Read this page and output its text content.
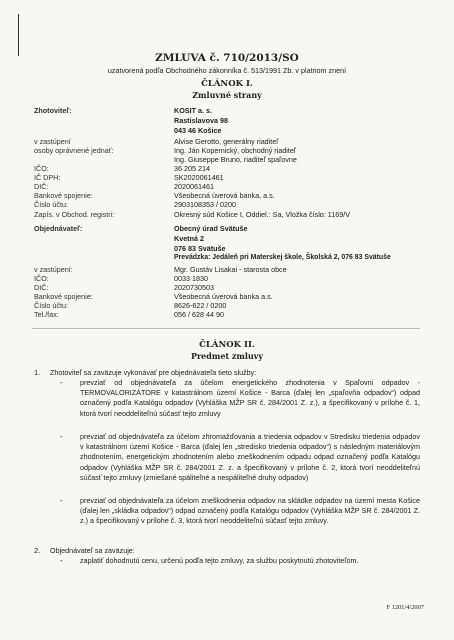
ZMLUVA č. 710/2013/SO
uzatvorená podľa Obchodného zákonníka č. 513/1991 Zb. v platnom znení
ČLÁNOK I.
Zmluvné strany
Zhotoviteľ:	KOSIT a. s.
Rastislavova 98
043 46 Košice
v zastúpení	Alvise Gerotto, generálny riaditeľ
osoby oprávnené jednať:	Ing. Ján Kopernický, obchodný riaditeľ
Ing. Giuseppe Bruno, riaditeľ spaľovne
IČO:	36 205 214
IČ DPH:	SK2020061461
DIČ:	2020061461
Bankové spojenie:	Všeobecná úverová banka, a.s.
Číslo účtu:	2903108353 / 0200
Zapís. v Obchod. registri:	Okresný súd Košice I, Oddiel.: Sa, Vložka číslo: 1169/V
Objednávateľ:	Obecný úrad Svätuše
Kvetná 2
076 83 Svätuše
Prevádzka: Jedáleň pri Materskej škole, Školská 2, 076 83 Svätuše
v zastúpení:	Mgr. Gustáv Lisakai - starosta obce
IČO:	0033 1830
DIČ:	2020730503
Bankové spojenie:	Všeobecná úverová banka a.s.
Číslo účtu:	8626-622 / 0200
Tel./fax:	056 / 628 44 90
ČLÁNOK II.
Predmet zmluvy
1. Zhotoviteľ sa zaväzuje vykonávať pre objednávateľa tieto služby:
- prevziať od objednávateľa za účelom energetického zhodnotenia v Spaľovni odpadov - TERMOVALORIZÁTORE v katastrálnom území Košice - Barca (ďalej len „spaľovňa odpadov“) odpad označený podľa Katalógu odpadov (Vyhláška MŽP SR č. 284/2001 Z. z.), a špecifikovaný v prílohe č. 1, ktorá tvorí neoddeliteľnú súčasť tejto zmluvy
- prevziať od objednávateľa za účelom zhromažďovania a triedenia odpadov v Stredisku triedenia odpadov v katastrálnom území Košice - Barca (ďalej len „stredisko triedenia odpadov“) s následným materiálovým zhodnotením, energetickým zhodnotením alebo zneškodnením odpadu odpad označený podľa Katalógu odpadov (Vyhláška MŽP SR č. 284/2001 Z. z. a špecifikovaný v prílohe č. 2, ktorá tvorí neoddeliteľnú súčasť tejto zmluvy (zmiešané spáliteľné a nespáliteľné druhy odpadov)
- prevziať od objednávateľa za účelom zneškodnenia odpadov na skládke odpadov na území mesta Košice (ďalej len „skládka odpadov“) odpad označený podľa Katalógu odpadov (Vyhláška MŽP SR č. 284/2001 Z. z.) a špecifikovaný v prílohe č. 3, ktorá tvorí neoddeliteľnú súčasť tejto zmluvy.
2. Objednávateľ sa zaväzuje:
- zaplatiť dohodnutú cenu, určenú podľa tejto zmluvy, za službu poskytnutú zhotoviteľom.
F 1201/4/2007
